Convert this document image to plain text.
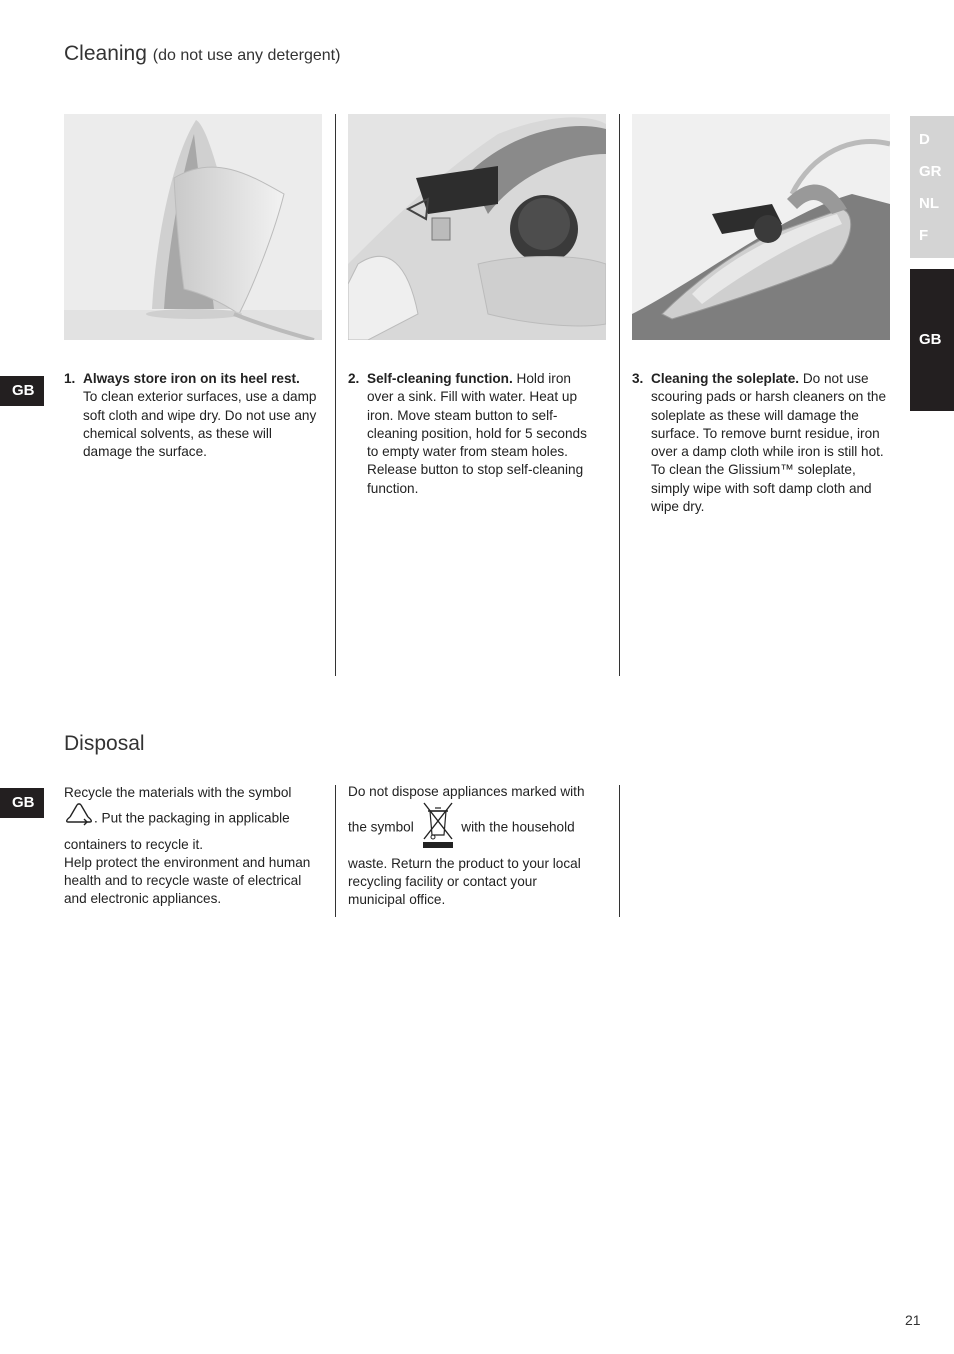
Cleaning (do not use any detergent)
D
GR
NL
F
GB
GB
1. Always store iron on its heel rest.
To clean exterior surfaces, use a damp soft cloth and wipe dry. Do not use any chemical solvents, as these will damage the surface.
2. Self-cleaning function. Hold iron over a sink. Fill with water. Heat up iron. Move steam button to self-cleaning position, hold for 5 seconds to empty water from steam holes. Release button to stop self-cleaning function.
3. Cleaning the soleplate. Do not use scouring pads or harsh cleaners on the soleplate as these will damage the surface. To remove burnt residue, iron over a damp cloth while iron is still hot. To clean the Glissium™ soleplate, simply wipe with soft damp cloth and wipe dry.
Disposal
GB
Recycle the materials with the symbol
. Put the packaging in applicable containers to recycle it.
Help protect the environment and human health and to recycle waste of electrical and electronic appliances.
Do not dispose appliances marked with
the symbol	with the household waste. Return the product to your local recycling facility or contact your municipal office.
21
